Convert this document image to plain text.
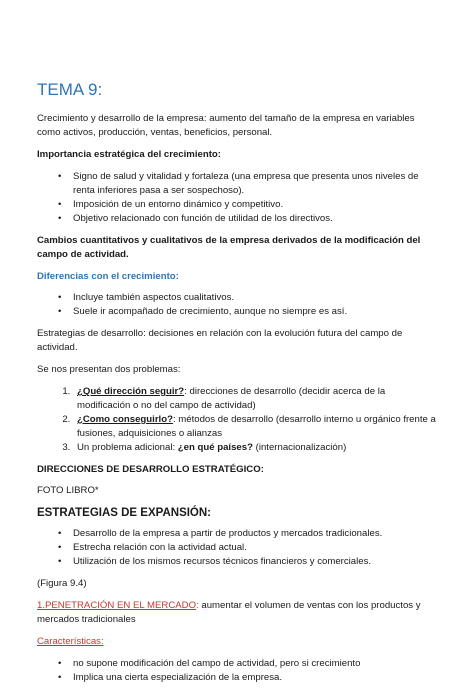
TEMA 9:

Crecimiento y desarrollo de la empresa: aumento del tamaño de la empresa en variables como activos, producción, ventas, beneficios, personal.

Importancia estratégica del crecimiento:

• Signo de salud y vitalidad y fortaleza (una empresa que presenta unos niveles de renta inferiores pasa a ser sospechoso).
• Imposición de un entorno dinámico y competitivo.
• Objetivo relacionado con función de utilidad de los directivos.

Cambios cuantitativos y cualitativos de la empresa derivados de la modificación del campo de actividad.

Diferencias con el crecimiento:

• Incluye también aspectos cualitativos.
• Suele ir acompañado de crecimiento, aunque no siempre es así.

Estrategias de desarrollo: decisiones en relación con la evolución futura del campo de actividad.

Se nos presentan dos problemas:

1. ¿Qué dirección seguir?: direcciones de desarrollo (decidir acerca de la modificación o no del campo de actividad)
2. ¿Como conseguirlo?: métodos de desarrollo (desarrollo interno u orgánico frente a fusiones, adquisiciones o alianzas
3. Un problema adicional: ¿en qué países? (internacionalización)

DIRECCIONES DE DESARROLLO ESTRATÉGICO:

FOTO LIBRO*

ESTRATEGIAS DE EXPANSIÓN:
• Desarrollo de la empresa a partir de productos y mercados tradicionales.
• Estrecha relación con la actividad actual.
• Utilización de los mismos recursos técnicos financieros y comerciales.

(Figura 9.4)

1.PENETRACIÓN EN EL MERCADO: aumentar el volumen de ventas con los productos y mercados tradicionales

Características:

• no supone modificación del campo de actividad, pero si crecimiento
• Implica una cierta especialización de la empresa.
